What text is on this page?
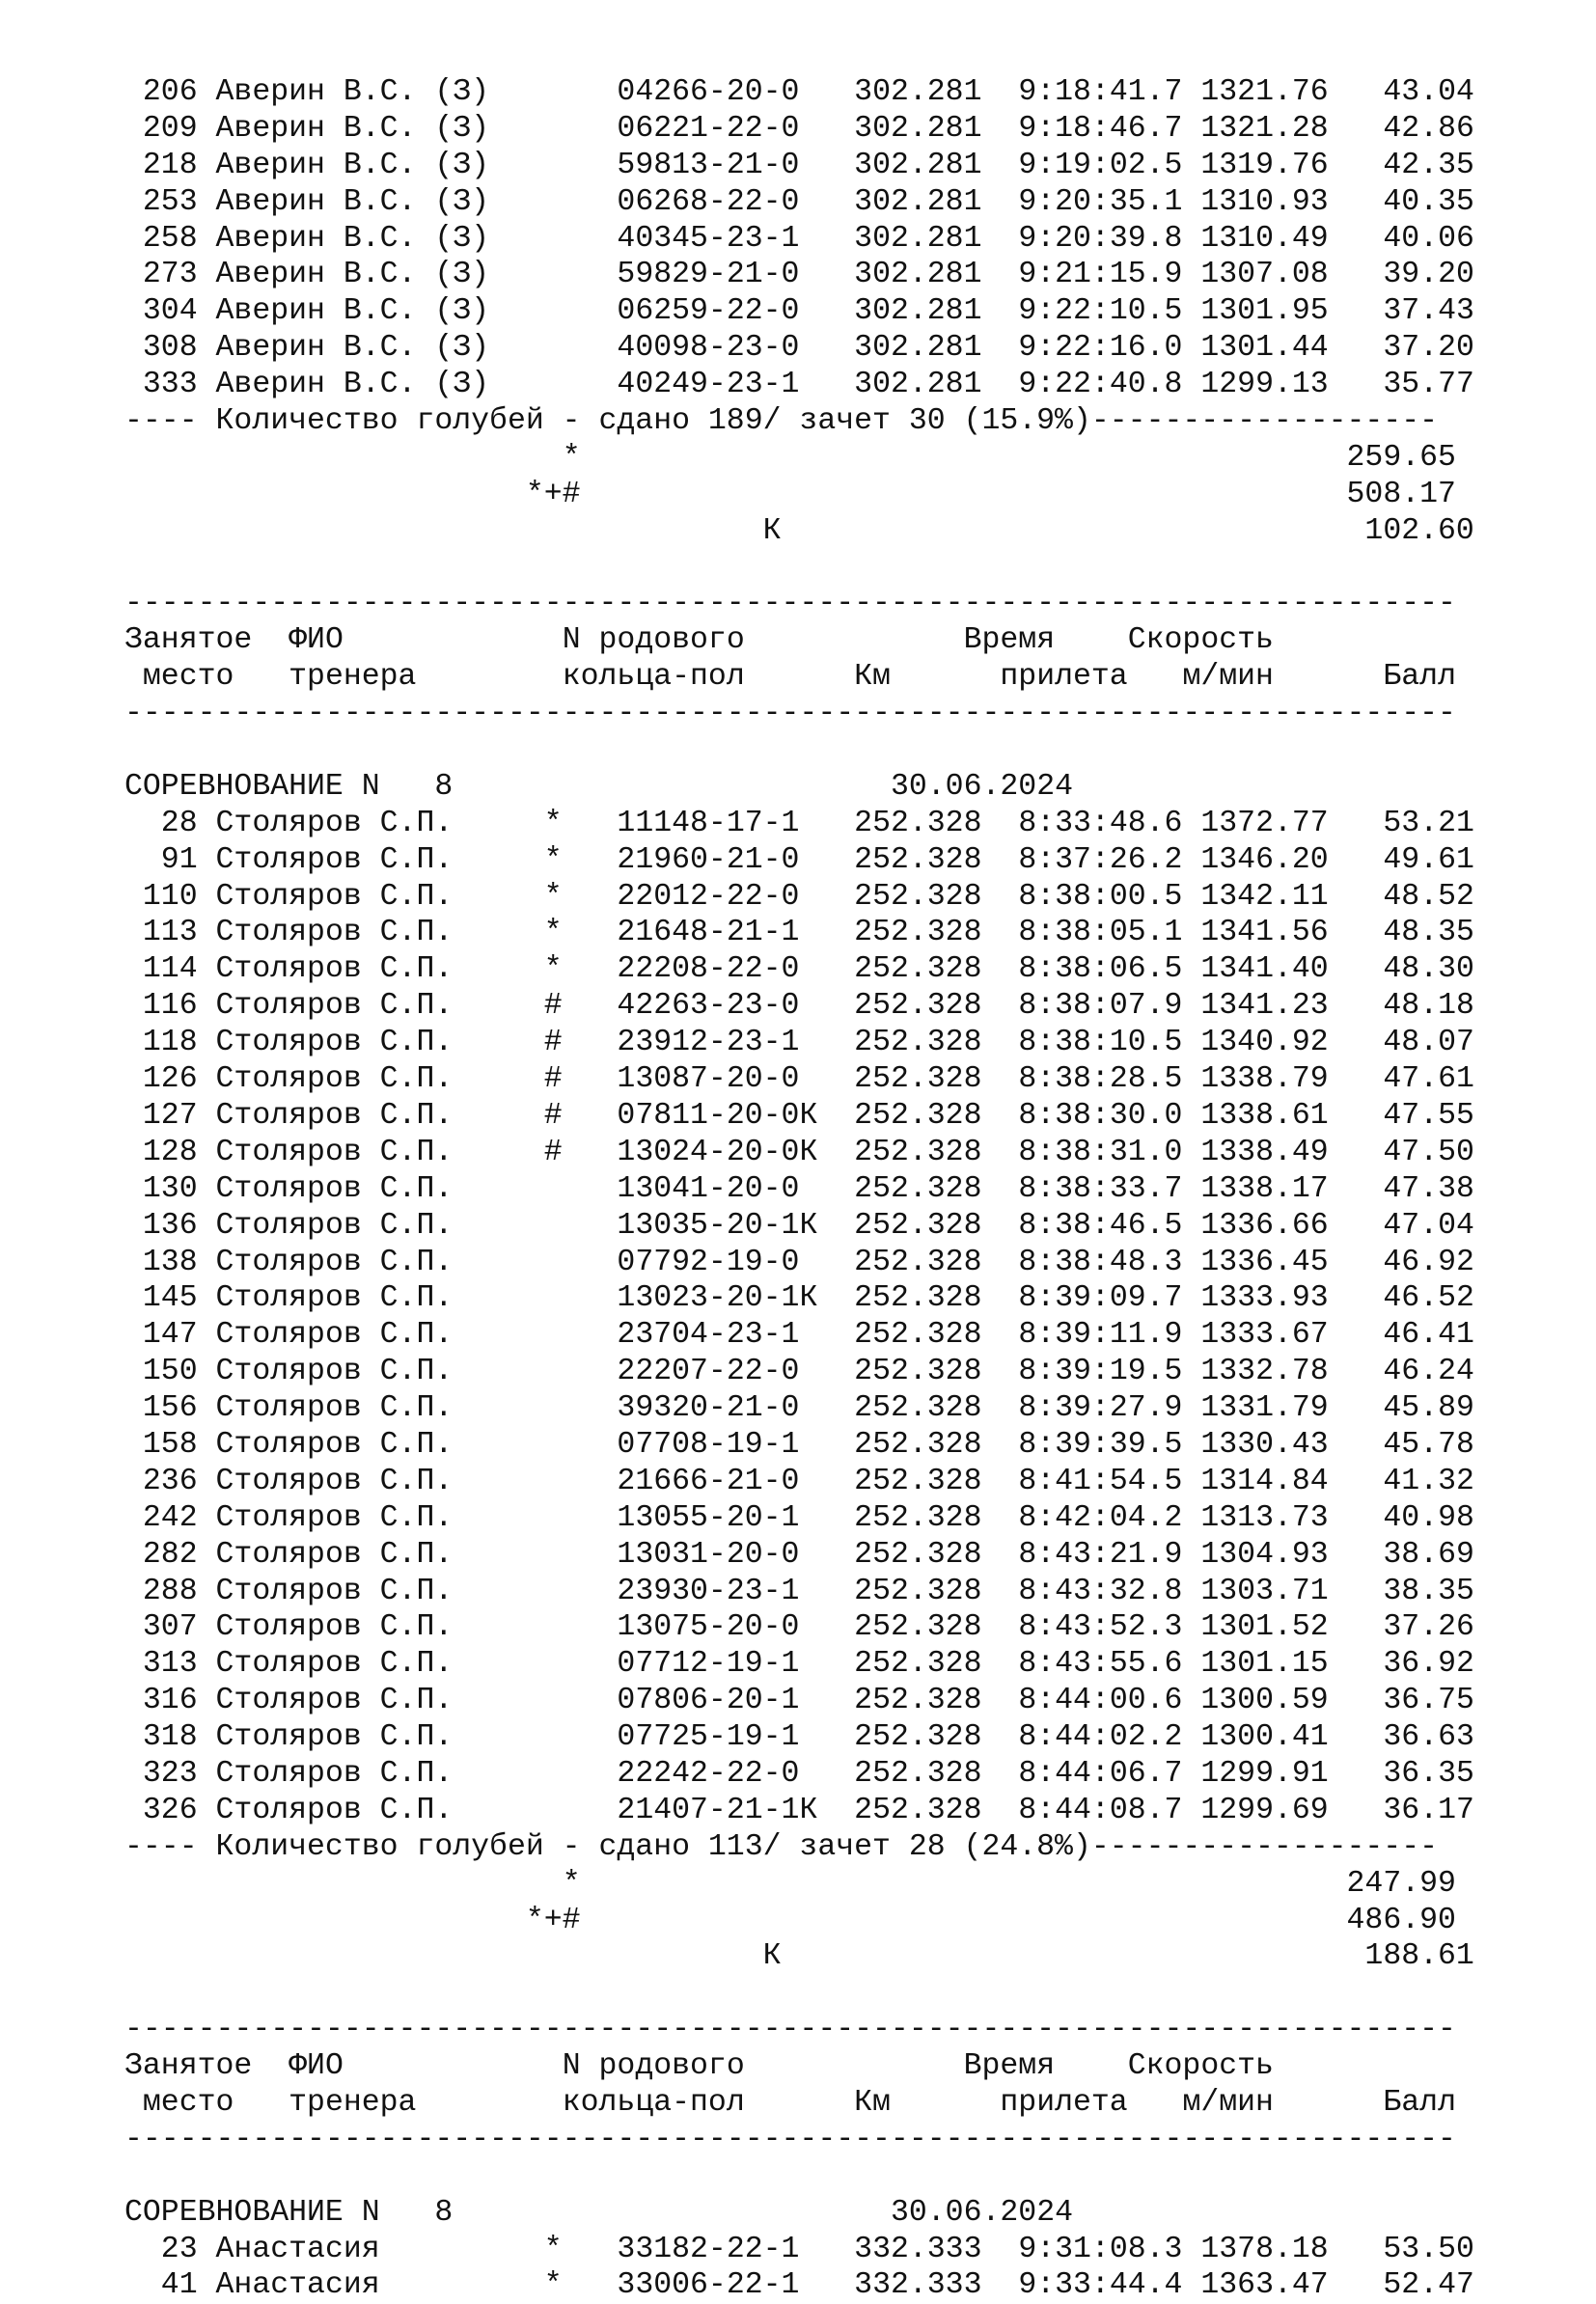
206 Аверин В.С. (З)	04266-20-0   302.281 9:18:41.7 1321.76   43.04
209 Аверин В.С. (З)	06221-22-0   302.281 9:18:46.7 1321.28   42.86
218 Аверин В.С. (З)	59813-21-0   302.281 9:19:02.5 1319.76   42.35
253 Аверин В.С. (З)	06268-22-0   302.281 9:20:35.1 1310.93   40.35
258 Аверин В.С. (З)	40345-23-1   302.281 9:20:39.8 1310.49   40.06
273 Аверин В.С. (З)	59829-21-0   302.281 9:21:15.9 1307.08   39.20
304 Аверин В.С. (З)	06259-22-0   302.281 9:22:10.5 1301.95   37.43
308 Аверин В.С. (З)	40098-23-0   302.281 9:22:16.0 1301.44   37.20
333 Аверин В.С. (З)	40249-23-1   302.281 9:22:40.8 1299.13   35.77
---- Количество голубей - сдано 189/ зачет 30 (15.9%)-------------------
*	259.65
*+#	508.17
К	102.60
-------------------------------------------------------------------------
Занятое  ФИО            N родового	Время Скорость
место   тренера        кольца-пол	Км	прилета м/мин	Балл
-------------------------------------------------------------------------
СОРЕВНОВАНИЕ N 8	30.06.2024
28 Столяров С.П.     * 11148-17-1   252.328 8:33:48.6 1372.77   53.21
91 Столяров С.П.     * 21960-21-0   252.328 8:37:26.2 1346.20   49.61
110 Столяров С.П.     * 22012-22-0   252.328 8:38:00.5 1342.11   48.52
113 Столяров С.П.     * 21648-21-1   252.328 8:38:05.1 1341.56   48.35
114 Столяров С.П.     * 22208-22-0   252.328 8:38:06.5 1341.40   48.30
116 Столяров С.П.     # 42263-23-0   252.328 8:38:07.9 1341.23   48.18
118 Столяров С.П.     # 23912-23-1   252.328 8:38:10.5 1340.92   48.07
126 Столяров С.П.     # 13087-20-0   252.328 8:38:28.5 1338.79   47.61
127 Столяров С.П.     # 07811-20-0К  252.328 8:38:30.0 1338.61   47.55
128 Столяров С.П.     # 13024-20-0К  252.328 8:38:31.0 1338.49   47.50
130 Столяров С.П.	13041-20-0   252.328 8:38:33.7 1338.17   47.38
136 Столяров С.П.	13035-20-1К  252.328 8:38:46.5 1336.66   47.04
138 Столяров С.П.	07792-19-0   252.328 8:38:48.3 1336.45   46.92
145 Столяров С.П.	13023-20-1К  252.328 8:39:09.7 1333.93   46.52
147 Столяров С.П.	23704-23-1   252.328 8:39:11.9 1333.67   46.41
150 Столяров С.П.	22207-22-0   252.328 8:39:19.5 1332.78   46.24
156 Столяров С.П.	39320-21-0   252.328 8:39:27.9 1331.79   45.89
158 Столяров С.П.	07708-19-1   252.328 8:39:39.5 1330.43   45.78
236 Столяров С.П.	21666-21-0   252.328 8:41:54.5 1314.84   41.32
242 Столяров С.П.	13055-20-1   252.328 8:42:04.2 1313.73   40.98
282 Столяров С.П.	13031-20-0   252.328 8:43:21.9 1304.93   38.69
288 Столяров С.П.	23930-23-1   252.328 8:43:32.8 1303.71   38.35
307 Столяров С.П.	13075-20-0   252.328 8:43:52.3 1301.52   37.26
313 Столяров С.П.	07712-19-1   252.328 8:43:55.6 1301.15   36.92
316 Столяров С.П.	07806-20-1   252.328 8:44:00.6 1300.59   36.75
318 Столяров С.П.	07725-19-1   252.328 8:44:02.2 1300.41   36.63
323 Столяров С.П.	22242-22-0   252.328 8:44:06.7 1299.91   36.35
326 Столяров С.П.	21407-21-1К  252.328 8:44:08.7 1299.69   36.17
---- Количество голубей - сдано 113/ зачет 28 (24.8%)-------------------
*	247.99
*+#	486.90
К	188.61
-------------------------------------------------------------------------
Занятое  ФИО            N родового	Время Скорость
место   тренера        кольца-пол	Км	прилета м/мин	Балл
-------------------------------------------------------------------------
СОРЕВНОВАНИЕ N 8	30.06.2024
23 Анастасия         * 33182-22-1   332.333 9:31:08.3 1378.18   53.50
41 Анастасия         * 33006-22-1   332.333 9:33:44.4 1363.47   52.47
